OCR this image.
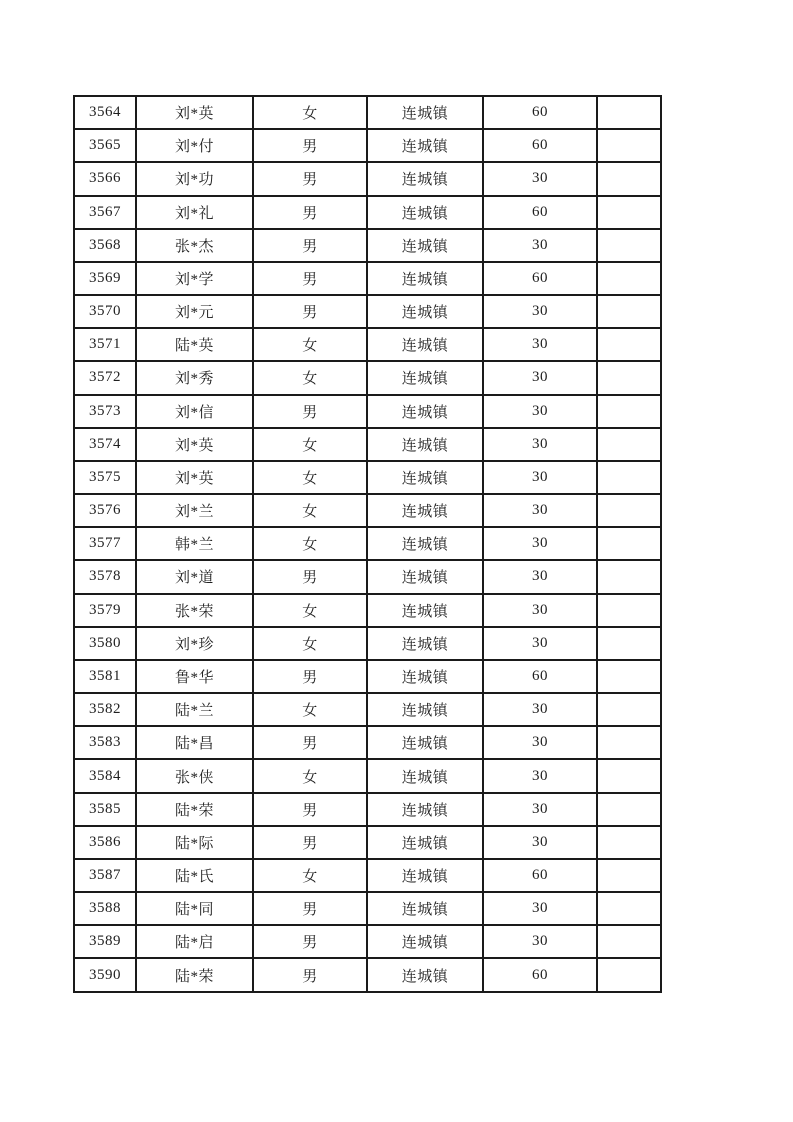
3564	刘*英	女	连城镇	60	
3565	刘*付	男	连城镇	60	
3566	刘*功	男	连城镇	30	
3567	刘*礼	男	连城镇	60	
3568	张*杰	男	连城镇	30	
3569	刘*学	男	连城镇	60	
3570	刘*元	男	连城镇	30	
3571	陆*英	女	连城镇	30	
3572	刘*秀	女	连城镇	30	
3573	刘*信	男	连城镇	30	
3574	刘*英	女	连城镇	30	
3575	刘*英	女	连城镇	30	
3576	刘*兰	女	连城镇	30	
3577	韩*兰	女	连城镇	30	
3578	刘*道	男	连城镇	30	
3579	张*荣	女	连城镇	30	
3580	刘*珍	女	连城镇	30	
3581	鲁*华	男	连城镇	60	
3582	陆*兰	女	连城镇	30	
3583	陆*昌	男	连城镇	30	
3584	张*侠	女	连城镇	30	
3585	陆*荣	男	连城镇	30	
3586	陆*际	男	连城镇	30	
3587	陆*氏	女	连城镇	60	
3588	陆*同	男	连城镇	30	
3589	陆*启	男	连城镇	30	
3590	陆*荣	男	连城镇	60	
